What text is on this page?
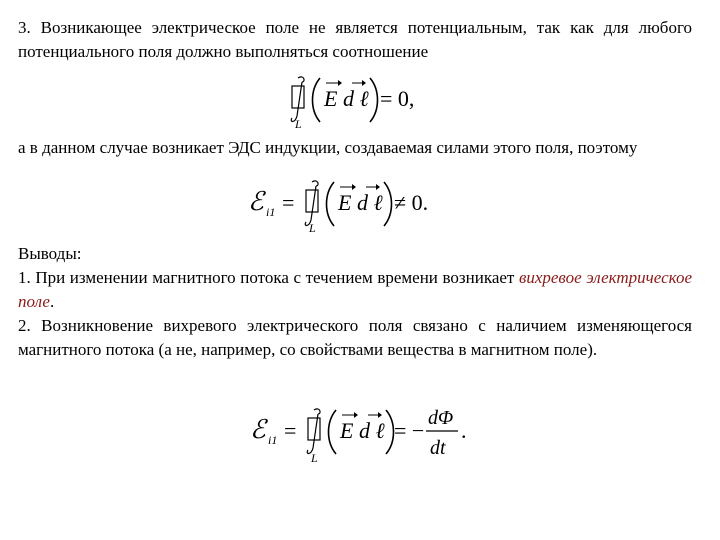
3. Возникающее электрическое поле не является потенциальным, так как для любого потенциального поля должно выполняться соотношение
L
E d ℓ = 0,
а в данном случае возникает ЭДС индукции, создаваемая силами этого поля, поэтому
ℰ i1 =
L
E d ℓ ≠ 0.
Выводы:
1. При изменении магнитного потока с течением времени возникает вихревое электрическое поле.
2. Возникновение вихревого электрического поля связано с наличием изменяющегося магнитного потока (а не, например, со свойствами вещества в магнитном поле).
ℰ i1 =
L
E d ℓ = − dΦ
dt
.
